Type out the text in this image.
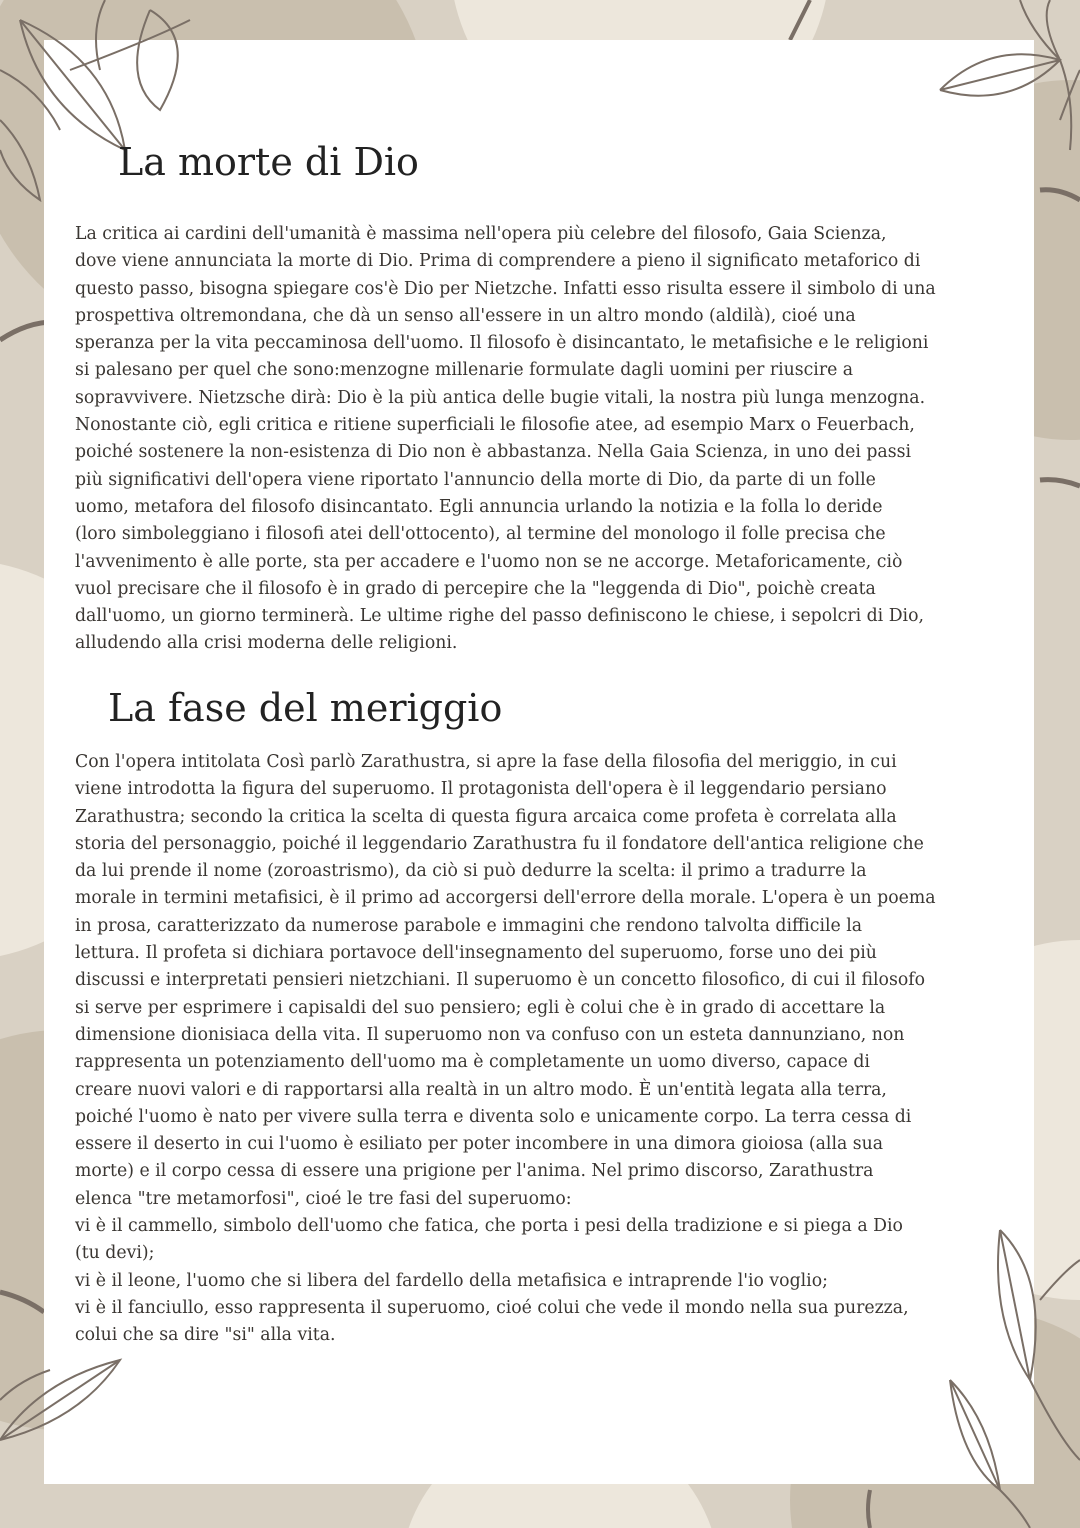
La morte di Dio
La critica ai cardini dell'umanità è massima nell'opera più celebre del filosofo, Gaia Scienza,
dove viene annunciata la morte di Dio. Prima di comprendere a pieno il significato metaforico di
questo passo, bisogna spiegare cos'è Dio per Nietzche. Infatti esso risulta essere il simbolo di una
prospettiva oltremondana, che dà un senso all'essere in un altro mondo (aldilà), cioé una
speranza per la vita peccaminosa dell'uomo. Il filosofo è disincantato, le metafisiche e le religioni
si palesano per quel che sono:menzogne millenarie formulate dagli uomini per riuscire a
sopravvivere. Nietzsche dirà: Dio è la più antica delle bugie vitali, la nostra più lunga menzogna.
Nonostante ciò, egli critica e ritiene superficiali le filosofie atee, ad esempio Marx o Feuerbach,
poiché sostenere la non-esistenza di Dio non è abbastanza. Nella Gaia Scienza, in uno dei passi
più significativi dell'opera viene riportato l'annuncio della morte di Dio, da parte di un folle
uomo, metafora del filosofo disincantato. Egli annuncia urlando la notizia e la folla lo deride
(loro simboleggiano i filosofi atei dell'ottocento), al termine del monologo il folle precisa che
l'avvenimento è alle porte, sta per accadere e l'uomo non se ne accorge. Metaforicamente, ciò
vuol precisare che il filosofo è in grado di percepire che la "leggenda di Dio", poichè creata
dall'uomo, un giorno terminerà. Le ultime righe del passo definiscono le chiese, i sepolcri di Dio,
alludendo alla crisi moderna delle religioni.
La fase del meriggio
Con l'opera intitolata Così parlò Zarathustra, si apre la fase della filosofia del meriggio, in cui
viene introdotta la figura del superuomo. Il protagonista dell'opera è il leggendario persiano
Zarathustra; secondo la critica la scelta di questa figura arcaica come profeta è correlata alla
storia del personaggio, poiché il leggendario Zarathustra fu il fondatore dell'antica religione che
da lui prende il nome (zoroastrismo), da ciò si può dedurre la scelta: il primo a tradurre la
morale in termini metafisici, è il primo ad accorgersi dell'errore della morale. L'opera è un poema
in prosa, caratterizzato da numerose parabole e immagini che rendono talvolta difficile la
lettura. Il profeta si dichiara portavoce dell'insegnamento del superuomo, forse uno dei più
discussi e interpretati pensieri nietzchiani. Il superuomo è un concetto filosofico, di cui il filosofo
si serve per esprimere i capisaldi del suo pensiero; egli è colui che è in grado di accettare la
dimensione dionisiaca della vita. Il superuomo non va confuso con un esteta dannunziano, non
rappresenta un potenziamento dell'uomo ma è completamente un uomo diverso, capace di
creare nuovi valori e di rapportarsi alla realtà in un altro modo. È un'entità legata alla terra,
poiché l'uomo è nato per vivere sulla terra e diventa solo e unicamente corpo. La terra cessa di
essere il deserto in cui l'uomo è esiliato per poter incombere in una dimora gioiosa (alla sua
morte) e il corpo cessa di essere una prigione per l'anima. Nel primo discorso, Zarathustra
elenca "tre metamorfosi", cioé le tre fasi del superuomo:
vi è il cammello, simbolo dell'uomo che fatica, che porta i pesi della tradizione e si piega a Dio
(tu devi);
vi è il leone, l'uomo che si libera del fardello della metafisica e intraprende l'io voglio;
vi è il fanciullo, esso rappresenta il superuomo, cioé colui che vede il mondo nella sua purezza,
colui che sa dire "si" alla vita.
